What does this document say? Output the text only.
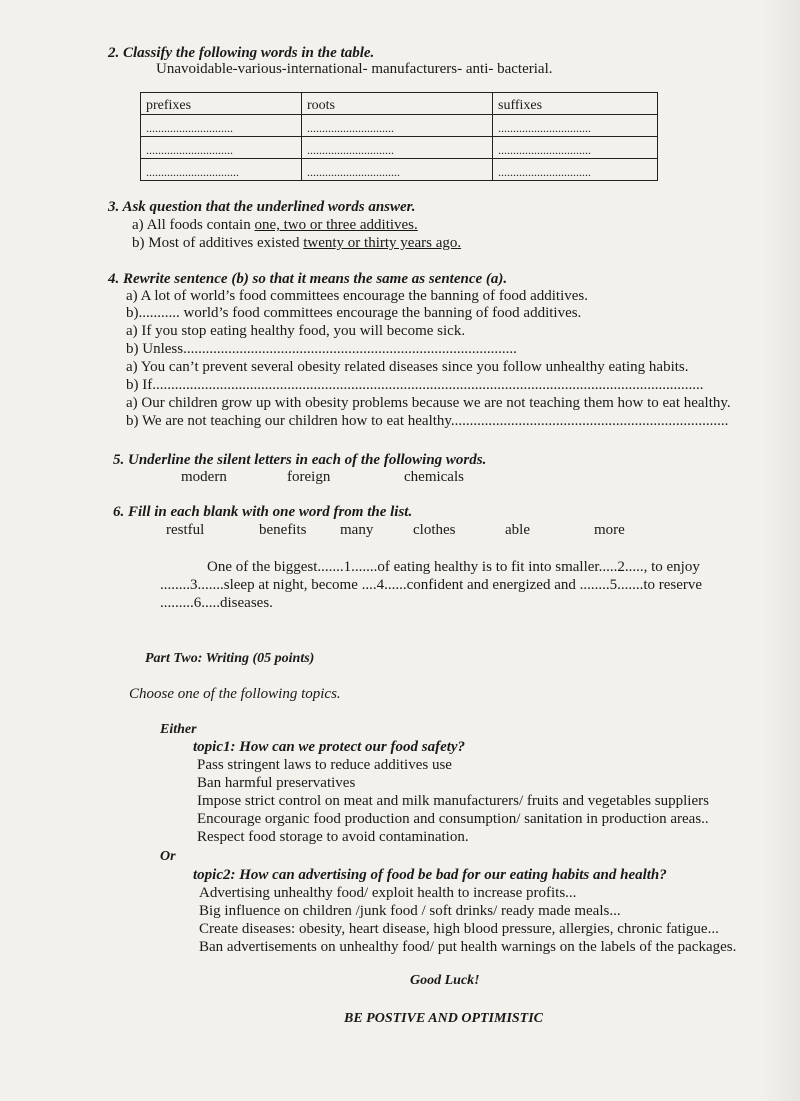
2. Classify the following words in the table.
Unavoidable-various-international- manufacturers- anti- bacterial.
prefixes	roots	suffixes
.............................	.............................	...............................
.............................	.............................	...............................
...............................	...............................	...............................
3. Ask question that the underlined words answer.
a) All foods contain one, two or three additives.
b) Most of additives existed twenty or thirty years ago.
4. Rewrite sentence (b) so that it means the same as sentence (a).
a) A lot of world’s food committees encourage the banning of food additives.
b)........... world’s food committees encourage the banning of food additives.
a) If you stop eating healthy food, you will become sick.
b) Unless.........................................................................................
a) You can’t prevent several obesity related diseases since you follow unhealthy eating habits.
b) If...................................................................................................................................................
a) Our children grow up with obesity problems because we are not teaching them how to eat healthy.
b) We are not teaching our children how to eat healthy..........................................................................
5. Underline the silent letters in each of the following words.
modern	foreign	chemicals
6. Fill in each blank with one word from the list.
restful	benefits many	clothes	able	more
One of the biggest.......1.......of eating healthy is to fit into smaller.....2....., to enjoy
........3.......sleep at night, become ....4......confident and energized and ........5.......to reserve
.........6.....diseases.
Part Two: Writing (05 points)
Choose one of the following topics.
Either
topic1: How can we protect our food safety?
Pass stringent laws to reduce additives use
Ban harmful preservatives
Impose strict control on meat and milk manufacturers/ fruits and vegetables suppliers
Encourage organic food production and consumption/ sanitation in production areas..
Respect food storage to avoid contamination.
Or
topic2: How can advertising of food be bad for our eating habits and health?
Advertising unhealthy food/ exploit health to increase profits...
Big influence on children /junk food / soft drinks/ ready made meals...
Create diseases: obesity, heart disease, high blood pressure, allergies, chronic fatigue...
Ban advertisements on unhealthy food/ put health warnings on the labels of the packages.
Good Luck!
BE POSTIVE AND OPTIMISTIC
